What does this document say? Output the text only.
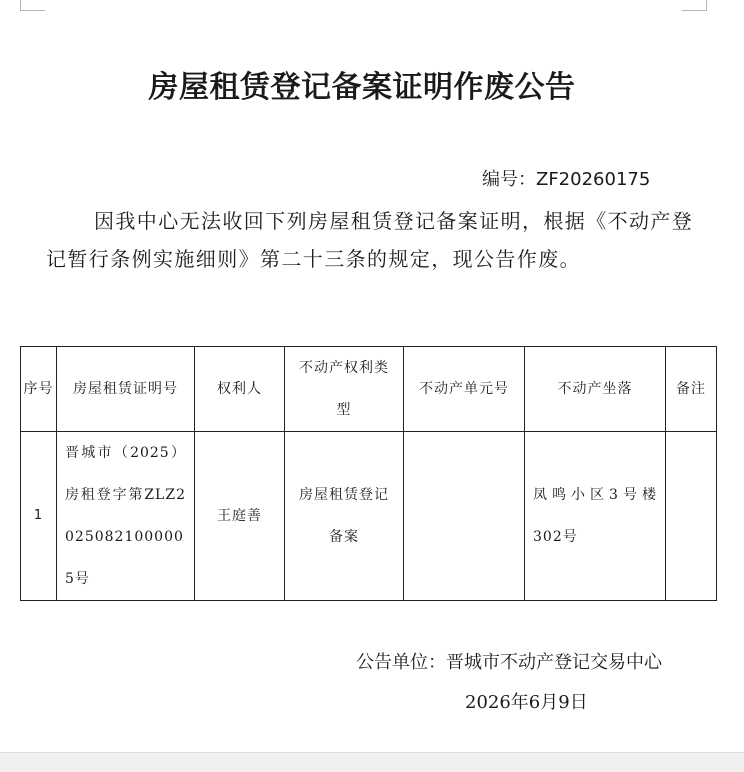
房屋租赁登记备案证明作废公告
编号：ZF20260175

因我中心无法收回下列房屋租赁登记备案证明，根据《不动产登记暂行条例实施细则》第二十三条的规定，现公告作废。

序号	房屋租赁证明号	权利人	不动产权利类型	不动产单元号	不动产坐落	备注
1	晋城市（2025）房租登字第ZLZ20250821000005号	王庭善	房屋租赁登记备案		凤鸣小区3号楼302号	
公告单位：晋城市不动产登记交易中心
2026年6月9日
